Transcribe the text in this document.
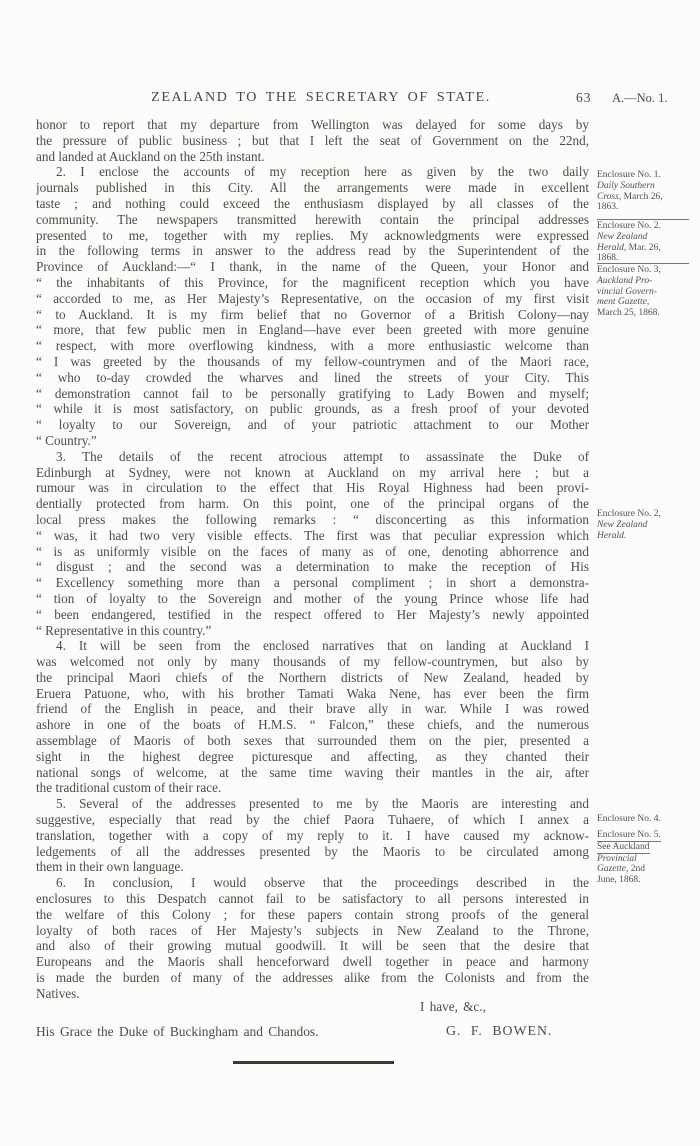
ZEALAND TO THE SECRETARY OF STATE.	63 A.—No. 1.
honor to report that my departure from Wellington was delayed for some days by
the pressure of public business ; but that I left the seat of Government on the 22nd,
and landed at Auckland on the 25th instant.
2. I enclose the accounts of my reception here as given by the two daily
journals published in this City. All the arrangements were made in excellent
taste ; and nothing could exceed the enthusiasm displayed by all classes of the
community. The newspapers transmitted herewith contain the principal addresses
presented to me, together with my replies. My acknowledgments were expressed
in the following terms in answer to the address read by the Superintendent of the
Province of Auckland:—“ I thank, in the name of the Queen, your Honor and
“ the inhabitants of this Province, for the magnificent reception which you have
“ accorded to me, as Her Majesty’s Representative, on the occasion of my first visit
“ to Auckland. It is my firm belief that no Governor of a British Colony—nay
“ more, that few public men in England—have ever been greeted with more genuine
“ respect, with more overflowing kindness, with a more enthusiastic welcome than
“ I was greeted by the thousands of my fellow-countrymen and of the Maori race,
“ who to-day crowded the wharves and lined the streets of your City. This
“ demonstration cannot fail to be personally gratifying to Lady Bowen and myself;
“ while it is most satisfactory, on public grounds, as a fresh proof of your devoted
“ loyalty to our Sovereign, and of your patriotic attachment to our Mother
“ Country.”
3. The details of the recent atrocious attempt to assassinate the Duke of
Edinburgh at Sydney, were not known at Auckland on my arrival here ; but a
rumour was in circulation to the effect that His Royal Highness had been provi-
dentially protected from harm. On this point, one of the principal organs of the
local press makes the following remarks : “ disconcerting as this information
“ was, it had two very visible effects. The first was that peculiar expression which
“ is as uniformly visible on the faces of many as of one, denoting abhorrence and
“ disgust ; and the second was a determination to make the reception of His
“ Excellency something more than a personal compliment ; in short a demonstra-
“ tion of loyalty to the Sovereign and mother of the young Prince whose life had
“ been endangered, testified in the respect offered to Her Majesty’s newly appointed
“ Representative in this country.”
4. It will be seen from the enclosed narratives that on landing at Auckland I
was welcomed not only by many thousands of my fellow-countrymen, but also by
the principal Maori chiefs of the Northern districts of New Zealand, headed by
Eruera Patuone, who, with his brother Tamati Waka Nene, has ever been the firm
friend of the English in peace, and their brave ally in war. While I was rowed
ashore in one of the boats of H.M.S. “ Falcon,” these chiefs, and the numerous
assemblage of Maoris of both sexes that surrounded them on the pier, presented a
sight in the highest degree picturesque and affecting, as they chanted their
national songs of welcome, at the same time waving their mantles in the air, after
the traditional custom of their race.
5. Several of the addresses presented to me by the Maoris are interesting and
suggestive, especially that read by the chief Paora Tuhaere, of which I annex a
translation, together with a copy of my reply to it. I have caused my acknow-
ledgements of all the addresses presented by the Maoris to be circulated among
them in their own language.
6. In conclusion, I would observe that the proceedings described in the
enclosures to this Despatch cannot fail to be satisfactory to all persons interested in
the welfare of this Colony ; for these papers contain strong proofs of the general
loyalty of both races of Her Majesty’s subjects in New Zealand to the Throne,
and also of their growing mutual goodwill. It will be seen that the desire that
Europeans and the Maoris shall henceforward dwell together in peace and harmony
is made the burden of many of the addresses alike from the Colonists and from the
Natives.
Enclosure No. 1.
Daily Southern
Cross, March 26,
1863.
Enclosure No. 2.
New Zealand
Herald, Mar. 26,
1868.
Enclosure No. 3,
Auckland Pro-
vincial Govern-
ment Gazette,
March 25, 1868.
Enclosure No. 2,
New Zealand
Herald.
Enclosure No. 4.
Enclosure No. 5.
See Auckland
Provincial
Gazette, 2nd
June, 1868.
I have, &c.,
His Grace the Duke of Buckingham and Chandos.	G. F. BOWEN.
